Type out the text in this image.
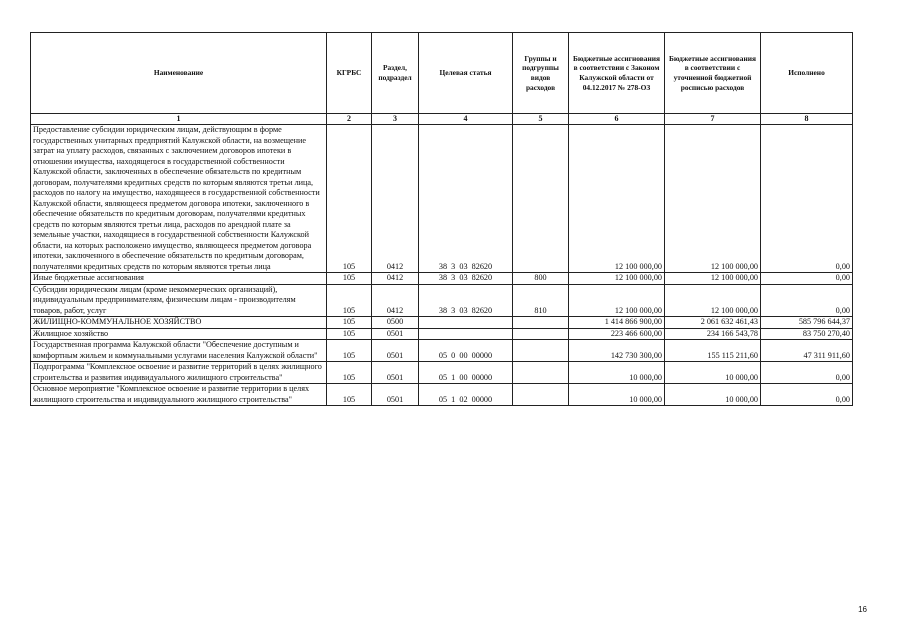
Наименование	КГРБС	Раздел, подраздел	Целевая статья	Группы и подгруппы видов расходов	Бюджетные ассигнования в соответствии с Законом Калужской области от 04.12.2017 № 278-ОЗ	Бюджетные ассигнования в соответствии с уточненной бюджетной росписью расходов	Исполнено
1	2	3	4	5	6	7	8
Предоставление субсидии юридическим лицам, действующим в форме государственных унитарных предприятий Калужской области, на возмещение затрат на уплату расходов, связанных с заключением договоров ипотеки в отношении имущества, находящегося в государственной собственности Калужской области, заключенных в обеспечение обязательств по кредитным договорам, получателями кредитных средств по которым являются третьи лица, расходов по налогу на имущество, находящееся в государственной собственности Калужской области, являющееся предметом договора ипотеки, заключенного в обеспечение обязательств по кредитным договорам, получателями кредитных средств по которым являются третьи лица, расходов по арендной плате за земельные участки, находящиеся в государственной собственности Калужской области, на которых расположено имущество, являющееся предметом договора ипотеки, заключенного в обеспечение обязательств по кредитным договорам, получателями кредитных средств по которым являются третьи лица	105	0412	38  3  03  82620		12 100 000,00	12 100 000,00	0,00
Иные бюджетные ассигнования	105	0412	38  3  03  82620	800	12 100 000,00	12 100 000,00	0,00
Субсидии юридическим лицам (кроме некоммерческих организаций), индивидуальным предпринимателям, физическим лицам - производителям товаров, работ, услуг	105	0412	38  3  03  82620	810	12 100 000,00	12 100 000,00	0,00
ЖИЛИЩНО-КОММУНАЛЬНОЕ ХОЗЯЙСТВО	105	0500			1 414 866 900,00	2 061 632 461,43	585 796 644,37
Жилищное хозяйство	105	0501			223 466 600,00	234 166 543,78	83 750 270,40
Государственная программа Калужской области "Обеспечение доступным и комфортным жильем и коммунальными услугами населения Калужской области"	105	0501	05  0  00  00000		142 730 300,00	155 115 211,60	47 311 911,60
Подпрограмма "Комплексное освоение и развитие территорий в целях жилищного строительства и развития индивидуального жилищного строительства"	105	0501	05  1  00  00000		10 000,00	10 000,00	0,00
Основное мероприятие "Комплексное освоение и развитие территории в целях жилищного строительства и индивидуального жилищного строительства"	105	0501	05  1  02  00000		10 000,00	10 000,00	0,00
16
